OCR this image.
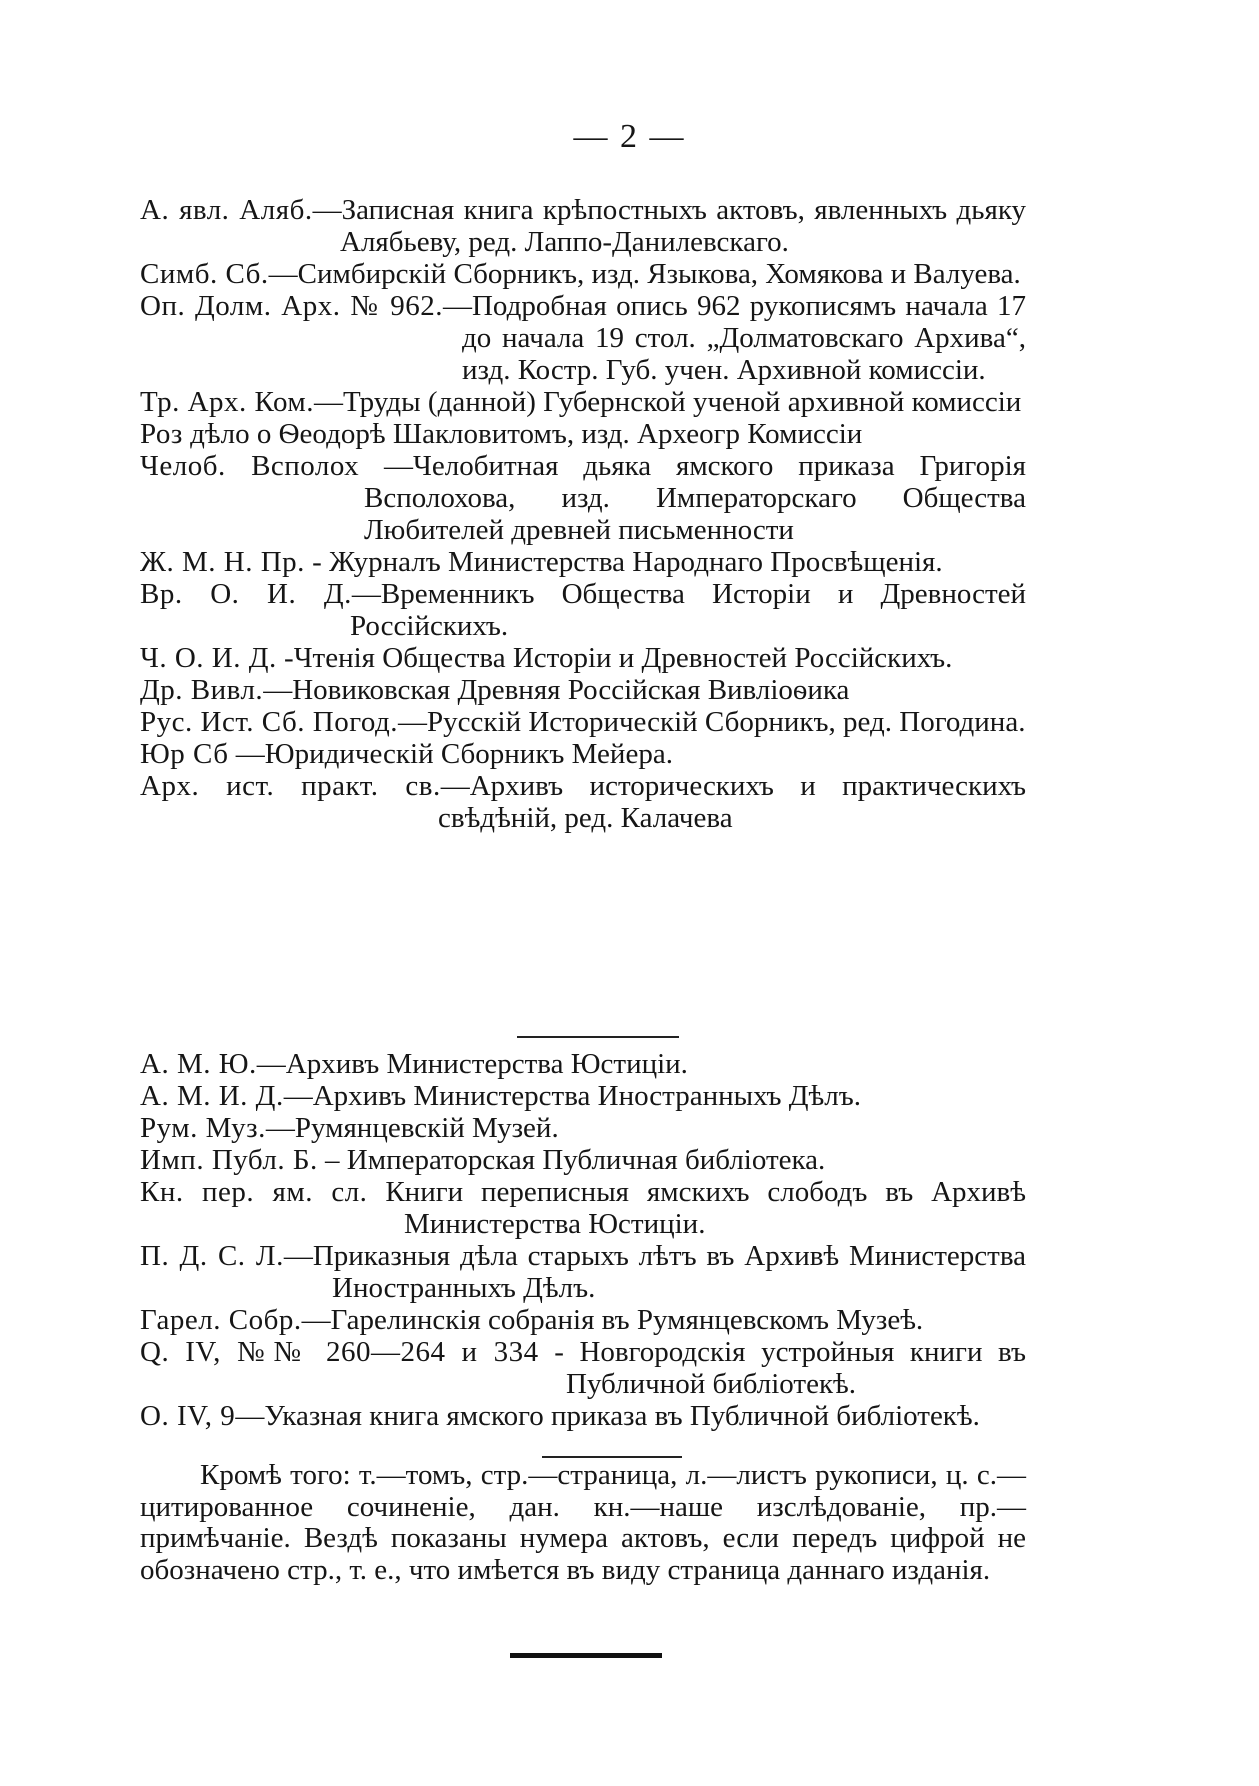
— 2 —
А. явл. Аляб.—Записная книга крѣпостныхъ актовъ, явленныхъ дьяку Алябьеву, ред. Лаппо-Данилевскаго.
Симб. Сб.—Симбирскій Сборникъ, изд. Языкова, Хомякова и Валуева.
Оп. Долм. Арх. № 962.—Подробная опись 962 рукописямъ начала 17 до начала 19 стол. „Долматовскаго Архива“, изд. Костр. Губ. учен. Архивной комиссіи.
Тр. Арх. Ком.—Труды (данной) Губернской ученой архивной комиссіи
Роз дѣло о Ѳеодорѣ Шакловитомъ, изд. Археогр Комиссіи
Челоб. Всполох —Челобитная дьяка ямского приказа Григорія Всполохова, изд. Императорскаго Общества Любителей древней письменности
Ж. М. Н. Пр. - Журналъ Министерства Народнаго Просвѣщенія.
Вр. О. И. Д.—Временникъ Общества Исторіи и Древностей Россійскихъ.
Ч. О. И. Д. -Чтенія Общества Исторіи и Древностей Россійскихъ.
Др. Вивл.—Новиковская Древняя Россійская Вивліоѳика
Рус. Ист. Сб. Погод.—Русскій Историческій Сборникъ, ред. Погодина.
Юр Сб —Юридическій Сборникъ Мейера.
Арх. ист. практ. св.—Архивъ историческихъ и практическихъ свѣдѣній, ред. Калачева
А. М. Ю.—Архивъ Министерства Юстиціи.
А. М. И. Д.—Архивъ Министерства Иностранныхъ Дѣлъ.
Рум. Муз.—Румянцевскій Музей.
Имп. Публ. Б. – Императорская Публичная библіотека.
Кн. пер. ям. сл. Книги переписныя ямскихъ слободъ въ Архивѣ Министерства Юстиціи.
П. Д. С. Л.—Приказныя дѣла старыхъ лѣтъ въ Архивѣ Министерства Иностранныхъ Дѣлъ.
Гарел. Собр.—Гарелинскія собранія въ Румянцевскомъ Музеѣ.
Q. IV, №№ 260—264 и 334 - Новгородскія устройныя книги въ Публичной библіотекѣ.
О. IV, 9—Указная книга ямского приказа въ Публичной библіотекѣ.
Кромѣ того: т.—томъ, стр.—страница, л.—листъ рукописи, ц. с.—цитированное сочиненіе, дан. кн.—наше изслѣдованіе, пр.—примѣчаніе. Вездѣ показаны нумера актовъ, если передъ цифрой не обозначено стр., т. е., что имѣется въ виду страница даннаго изданія.
